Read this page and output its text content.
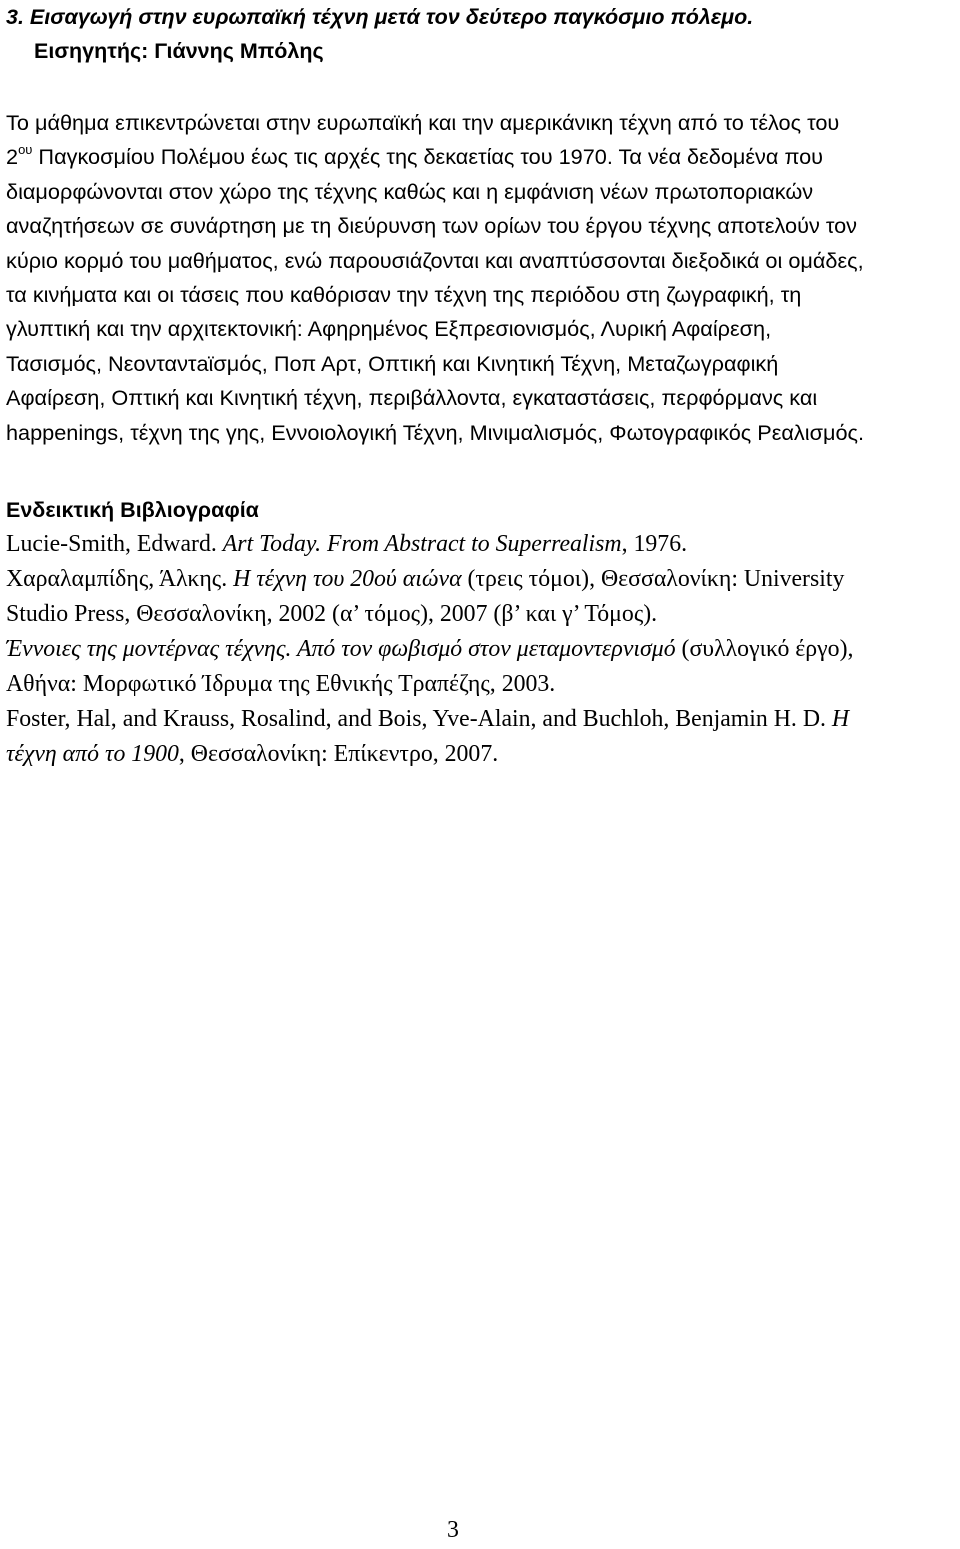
3. Εισαγωγή στην ευρωπαϊκή τέχνη μετά τον δεύτερο παγκόσμιο πόλεμο.

Εισηγητής: Γιάννης Μπόλης

Το μάθημα επικεντρώνεται στην ευρωπαϊκή και την αμερικάνικη τέχνη από το τέλος του
$2^{o\upsilon}$ Παγκοσμίου Πολέμου έως τις αρχές της δεκαετίας του 1970. Τα νέα δεδομένα που
διαμορφώνονται στον χώρο της τέχνης καθώς και η εμφάνιση νέων πρωτοποριακών
αναζητήσεων σε συνάρτηση με τη διεύρυνση των ορίων του έργου τέχνης αποτελούν τον
κύριο κορμό του μαθήματος, ενώ παρουσιάζονται και αναπτύσσονται διεξοδικά οι ομάδες,
τα κινήματα και οι τάσεις που καθόρισαν την τέχνη της περιόδου στη ζωγραφική, τη
γλυπτική και την αρχιτεκτονική: Αφηρημένος Εξπρεσιονισμός, Λυρική Αφαίρεση,
Τασισμός, Νεονταντaϊσμός, Ποπ Αρτ, Οπτική και Κινητική Τέχνη, Μεταζωγραφική
Αφαίρεση, Οπτική και Κινητική τέχνη, περιβάλλοντα, εγκαταστάσεις, περφόρμανς και
happenings, τέχνη της γης, Εννοιολογική Τέχνη, Μινιμαλισμός, Φωτογραφικός Ρεαλισμός.

Ενδεικτική Βιβλιογραφία

Lucie-Smith, Edward. Art Today. From Abstract to Superrealism, 1976.
Χαραλαμπίδης, Άλκης. Η τέχνη του 20ού αιώνα (τρεις τόμοι), Θεσσαλονίκη: University
Studio Press, Θεσσαλονίκη, 2002 (α’ τόμος), 2007 (β’ και γ’ Τόμος).
Έννοιες της μοντέρνας τέχνης. Από τον φωβισμό στον μεταμοντερνισμό (συλλογικό έργο),
Αθήνα: Μορφωτικό Ίδρυμα της Εθνικής Τραπέζης, 2003.
Foster, Hal, and Krauss, Rosalind, and Bois, Yve-Alain, and Buchloh, Benjamin H. D. Η
τέχνη από το 1900, Θεσσαλονίκη: Επίκεντρο, 2007.

3
